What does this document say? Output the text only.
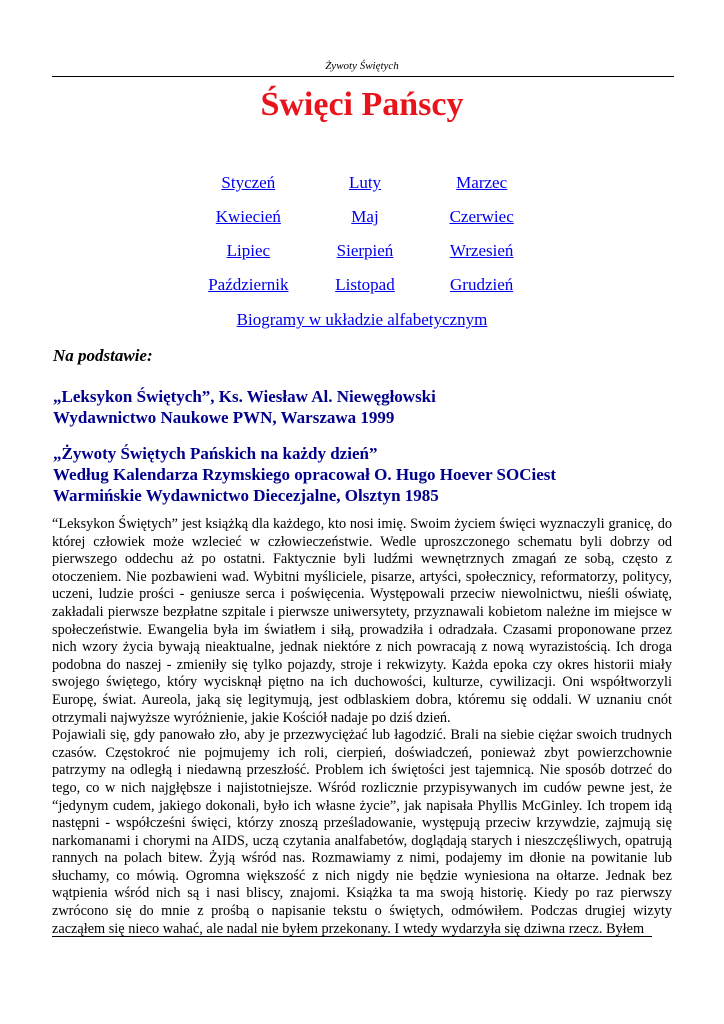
Żywoty Świętych
Święci Pańscy
Styczeń	Luty	Marzec
Kwiecień	Maj	Czerwiec
Lipiec	Sierpień	Wrzesień
Październik	Listopad	Grudzień
Biogramy w układzie alfabetycznym
Na podstawie:
„Leksykon Świętych”, Ks. Wiesław Al. Niewęgłowski
Wydawnictwo Naukowe PWN, Warszawa 1999
„Żywoty Świętych Pańskich na każdy dzień”
Według Kalendarza Rzymskiego opracował O. Hugo Hoever SOCiest
Warmińskie Wydawnictwo Diecezjalne, Olsztyn 1985

“Leksykon Świętych” jest książką dla każdego, kto nosi imię. Swoim życiem święci wyznaczyli granicę, do której człowiek może wzlecieć w człowieczeństwie. Wedle uproszczonego schematu byli dobrzy od pierwszego oddechu aż po ostatni. Faktycznie byli ludźmi wewnętrznych zmagań ze sobą, często z otoczeniem. Nie pozbawieni wad. Wybitni myśliciele, pisarze, artyści, społecznicy, reformatorzy, politycy, uczeni, ludzie prości - geniusze serca i poświęcenia. Występowali przeciw niewolnictwu, nieśli oświatę, zakładali pierwsze bezpłatne szpitale i pierwsze uniwersytety, przyznawali kobietom należne im miejsce w społeczeństwie. Ewangelia była im światłem i siłą, prowadziła i odradzała. Czasami proponowane przez nich wzory życia bywają nieaktualne, jednak niektóre z nich powracają z nową wyrazistością. Ich droga podobna do naszej - zmieniły się tylko pojazdy, stroje i rekwizyty. Każda epoka czy okres historii miały swojego świętego, który wycisknął piętno na ich duchowości, kulturze, cywilizacji. Oni współtworzyli Europę, świat. Aureola, jaką się legitymują, jest odblaskiem dobra, któremu się oddali. W uznaniu cnót otrzymali najwyższe wyróżnienie, jakie Kościół nadaje po dziś dzień.

Pojawiali się, gdy panowało zło, aby je przezwyciężać lub łagodzić. Brali na siebie ciężar swoich trudnych czasów. Częstokroć nie pojmujemy ich roli, cierpień, doświadczeń, ponieważ zbyt powierzchownie patrzymy na odległą i niedawną przeszłość. Problem ich świętości jest tajemnicą. Nie sposób dotrzeć do tego, co w nich najgłębsze i najistotniejsze. Wśród rozlicznie przypisywanych im cudów pewne jest, że “jedynym cudem, jakiego dokonali, było ich własne życie”, jak napisała Phyllis McGinley. Ich tropem idą następni - współcześni święci, którzy znoszą prześladowanie, występują przeciw krzywdzie, zajmują się narkomanami i chorymi na AIDS, uczą czytania analfabetów, doglądają starych i nieszczęśliwych, opatrują rannych na polach bitew. Żyją wśród nas. Rozmawiamy z nimi, podajemy im dłonie na powitanie lub słuchamy, co mówią. Ogromna większość z nich nigdy nie będzie wyniesiona na ołtarze. Jednak bez wątpienia wśród nich są i nasi bliscy, znajomi. Książka ta ma swoją historię. Kiedy po raz pierwszy zwrócono się do mnie z prośbą o napisanie tekstu o świętych, odmówiłem. Podczas drugiej wizyty zacząłem się nieco wahać, ale nadal nie byłem przekonany. I wtedy wydarzyła się dziwna rzecz. Byłem
